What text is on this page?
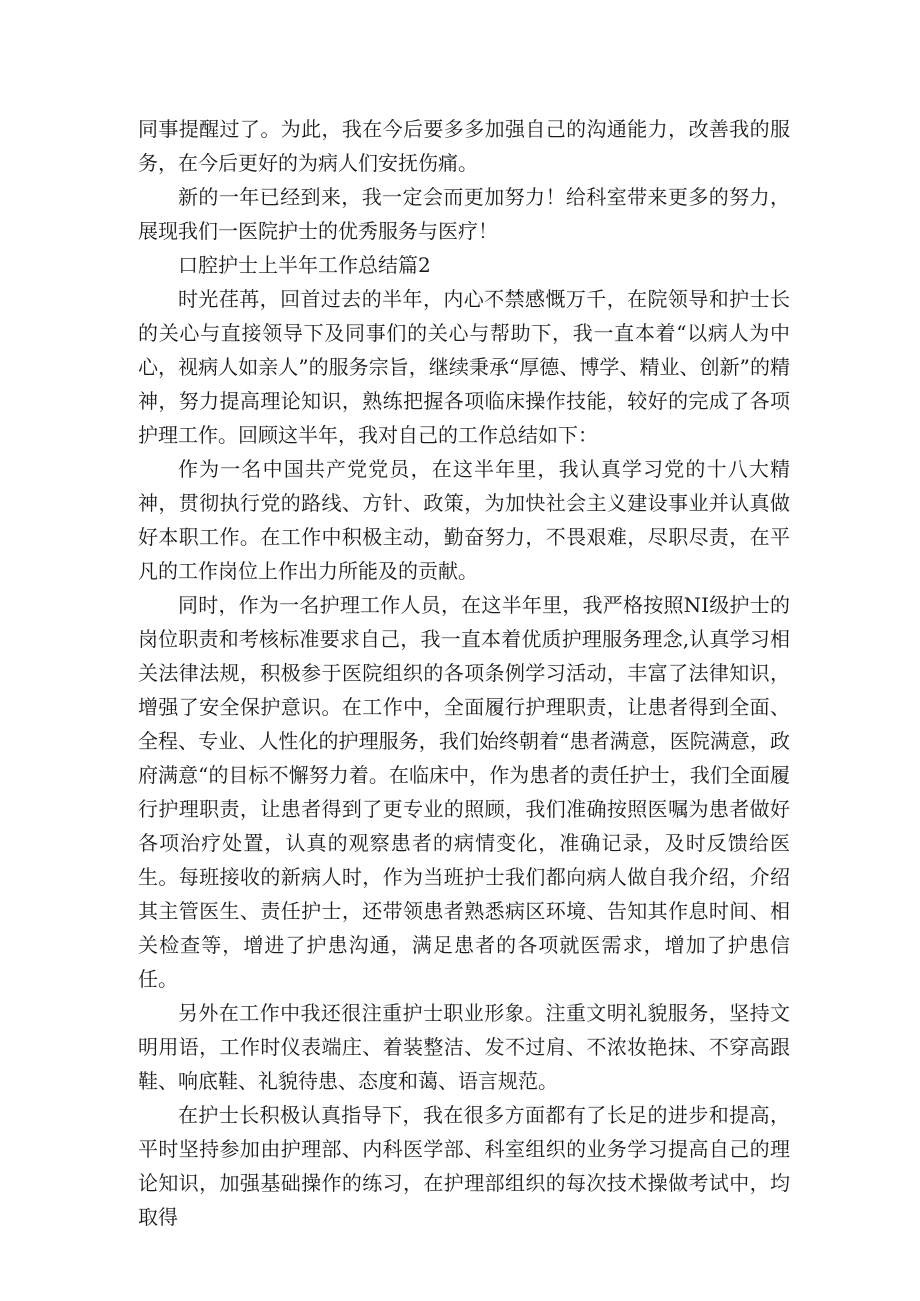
同事提醒过了。为此，我在今后要多多加强自己的沟通能力，改善我的服务，在今后更好的为病人们安抚伤痛。

新的一年已经到来，我一定会而更加努力！给科室带来更多的努力，展现我们一医院护士的优秀服务与医疗！

口腔护士上半年工作总结篇2

时光荏苒，回首过去的半年，内心不禁感慨万千，在院领导和护士长的关心与直接领导下及同事们的关心与帮助下，我一直本着“以病人为中心，视病人如亲人”的服务宗旨，继续秉承“厚德、博学、精业、创新”的精神，努力提高理论知识，熟练把握各项临床操作技能，较好的完成了各项护理工作。回顾这半年，我对自己的工作总结如下：

作为一名中国共产党党员，在这半年里，我认真学习党的十八大精神，贯彻执行党的路线、方针、政策，为加快社会主义建设事业并认真做好本职工作。在工作中积极主动，勤奋努力，不畏艰难，尽职尽责，在平凡的工作岗位上作出力所能及的贡献。

同时，作为一名护理工作人员，在这半年里，我严格按照NI级护士的岗位职责和考核标准要求自己，我一直本着优质护理服务理念,认真学习相关法律法规，积极参于医院组织的各项条例学习活动，丰富了法律知识，增强了安全保护意识。在工作中，全面履行护理职责，让患者得到全面、全程、专业、人性化的护理服务，我们始终朝着“患者满意，医院满意，政府满意“的目标不懈努力着。在临床中，作为患者的责任护士，我们全面履行护理职责，让患者得到了更专业的照顾，我们准确按照医嘱为患者做好各项治疗处置，认真的观察患者的病情变化，准确记录，及时反馈给医生。每班接收的新病人时，作为当班护士我们都向病人做自我介绍，介绍其主管医生、责任护士，还带领患者熟悉病区环境、告知其作息时间、相关检查等，增进了护患沟通，满足患者的各项就医需求，增加了护患信任。

另外在工作中我还很注重护士职业形象。注重文明礼貌服务，坚持文明用语，工作时仪表端庄、着装整洁、发不过肩、不浓妆艳抹、不穿高跟鞋、响底鞋、礼貌待患、态度和蔼、语言规范。

在护士长积极认真指导下，我在很多方面都有了长足的进步和提高，平时坚持参加由护理部、内科医学部、科室组织的业务学习提高自己的理论知识，加强基础操作的练习，在护理部组织的每次技术操做考试中，均取得
